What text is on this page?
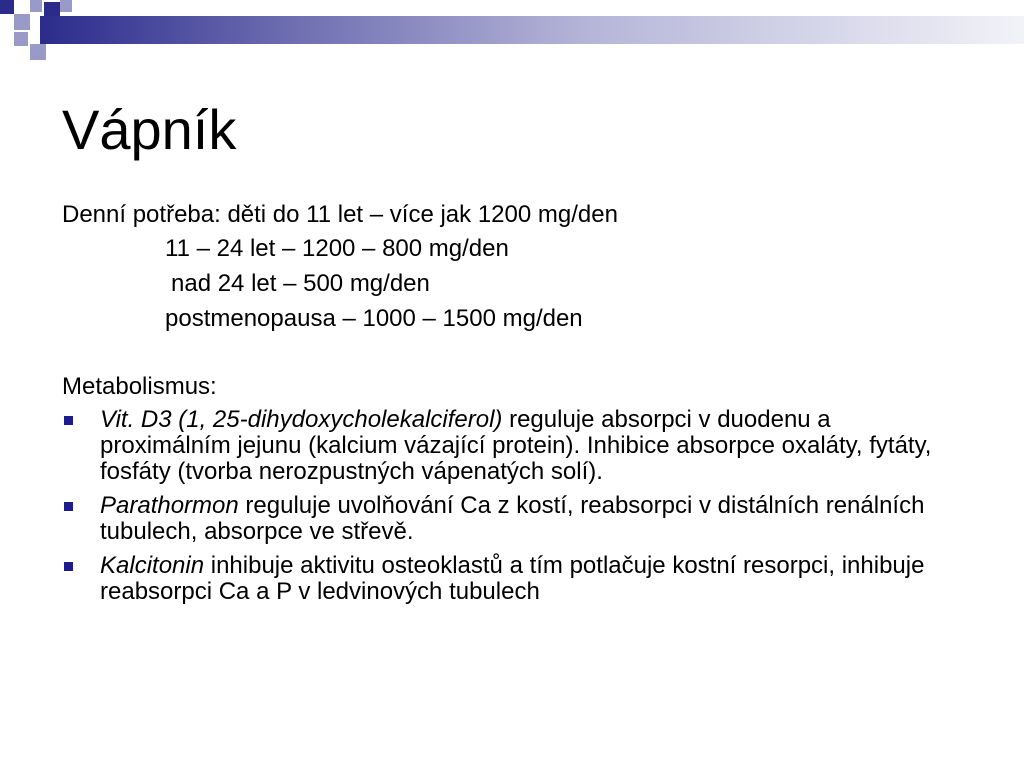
Vápník
Denní potřeba: děti do 11 let – více jak 1200 mg/den
11 – 24 let – 1200 – 800 mg/den
nad 24 let – 500 mg/den
postmenopausa – 1000 – 1500 mg/den
Metabolismus:
Vit. D3 (1, 25-dihydoxycholekalciferol) reguluje absorpci v duodenu a proximálním jejunu (kalcium vázající protein). Inhibice absorpce oxaláty, fytáty, fosfáty (tvorba nerozpustných vápenatých solí).
Parathormon reguluje uvolňování Ca z kostí, reabsorpci v distálních renálních tubulech, absorpce ve střevě.
Kalcitonin inhibuje aktivitu osteoklastů a tím potlačuje kostní resorpci, inhibuje reabsorpci Ca a P v ledvinových tubulech
